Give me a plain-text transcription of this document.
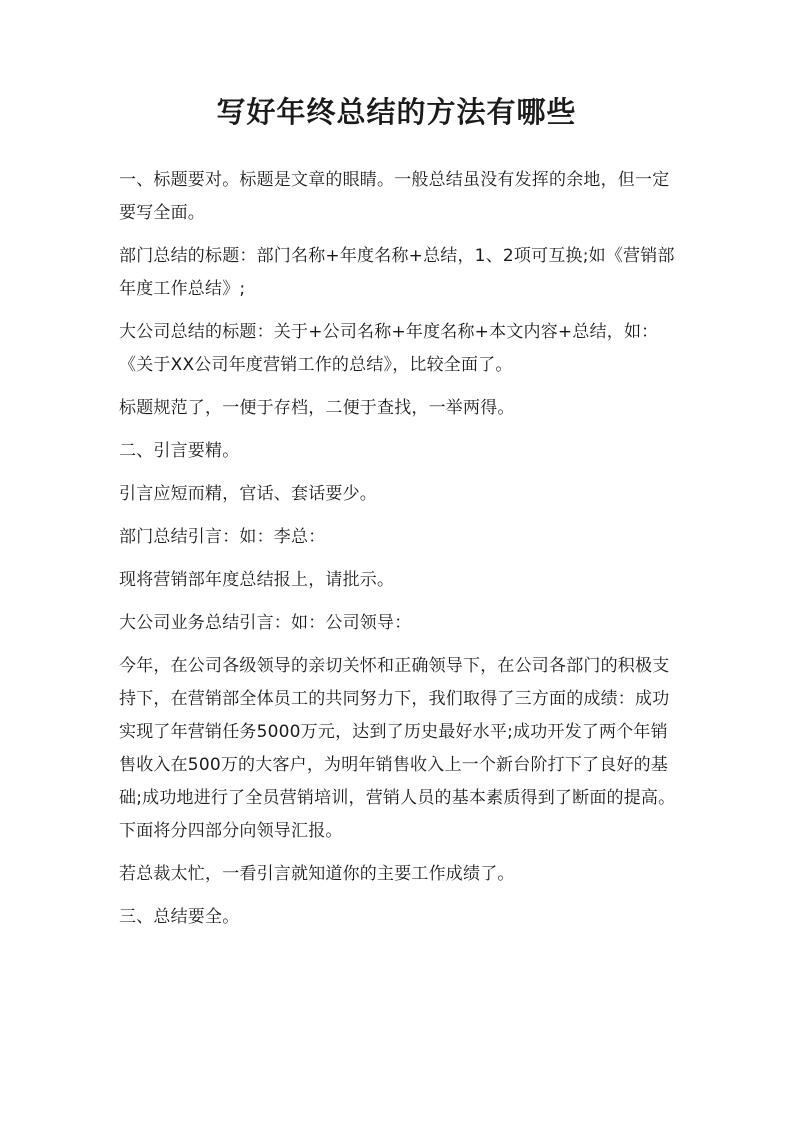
写好年终总结的方法有哪些

一、标题要对。标题是文章的眼睛。一般总结虽没有发挥的余地，但一定要写全面。

部门总结的标题：部门名称+年度名称+总结，1、2项可互换;如《营销部年度工作总结》;

大公司总结的标题：关于+公司名称+年度名称+本文内容+总结，如：《关于XX公司年度营销工作的总结》，比较全面了。

标题规范了，一便于存档，二便于查找，一举两得。

二、引言要精。

引言应短而精，官话、套话要少。

部门总结引言：如：李总：

现将营销部年度总结报上，请批示。

大公司业务总结引言：如：公司领导：

今年，在公司各级领导的亲切关怀和正确领导下，在公司各部门的积极支持下，在营销部全体员工的共同努力下，我们取得了三方面的成绩：成功实现了年营销任务5000万元，达到了历史最好水平;成功开发了两个年销售收入在500万的大客户，为明年销售收入上一个新台阶打下了良好的基础;成功地进行了全员营销培训，营销人员的基本素质得到了断面的提高。下面将分四部分向领导汇报。

若总裁太忙，一看引言就知道你的主要工作成绩了。

三、总结要全。
